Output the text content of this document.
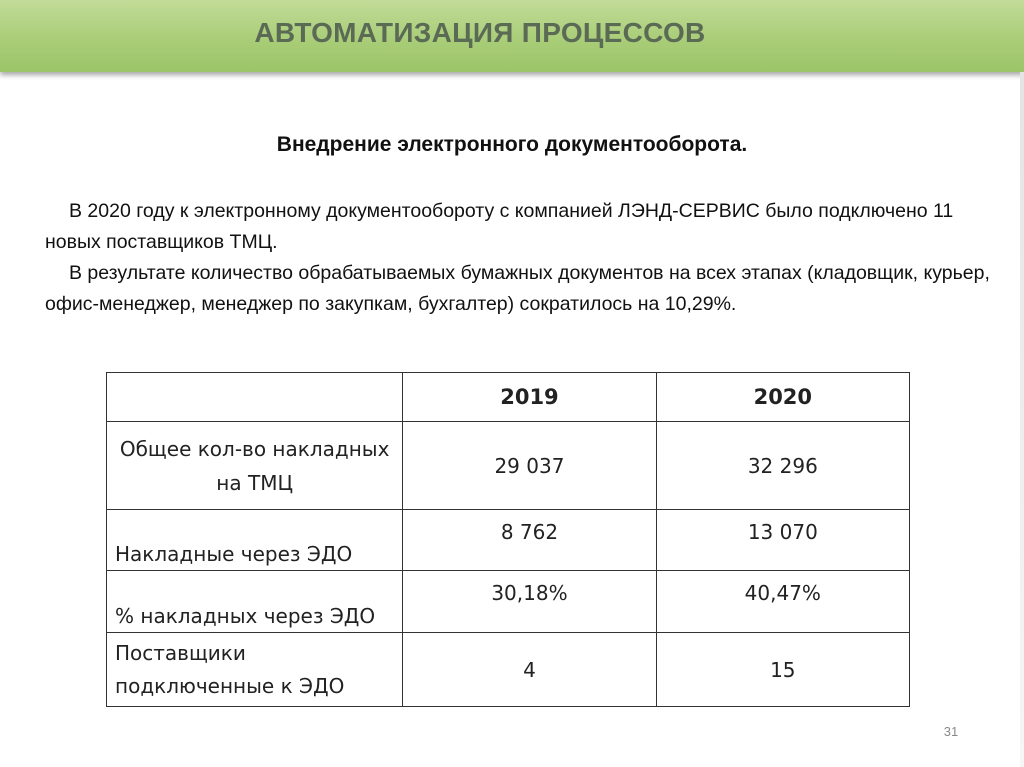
АВТОМАТИЗАЦИЯ ПРОЦЕССОВ
Внедрение электронного документооборота.

В 2020 году к электронному документообороту с компанией ЛЭНД-СЕРВИС было подключено 11 новых поставщиков ТМЦ.

В результате количество обрабатываемых бумажных документов на всех этапах (кладовщик, курьер, офис-менеджер, менеджер по закупкам, бухгалтер) сократилось на 10,29%.

	2019	2020
Общее кол-во накладных на ТМЦ	29 037	32 296
Накладные через ЭДО	8 762	13 070
% накладных через ЭДО	30,18%	40,47%
Поставщики подключенные к ЭДО	4	15
31
